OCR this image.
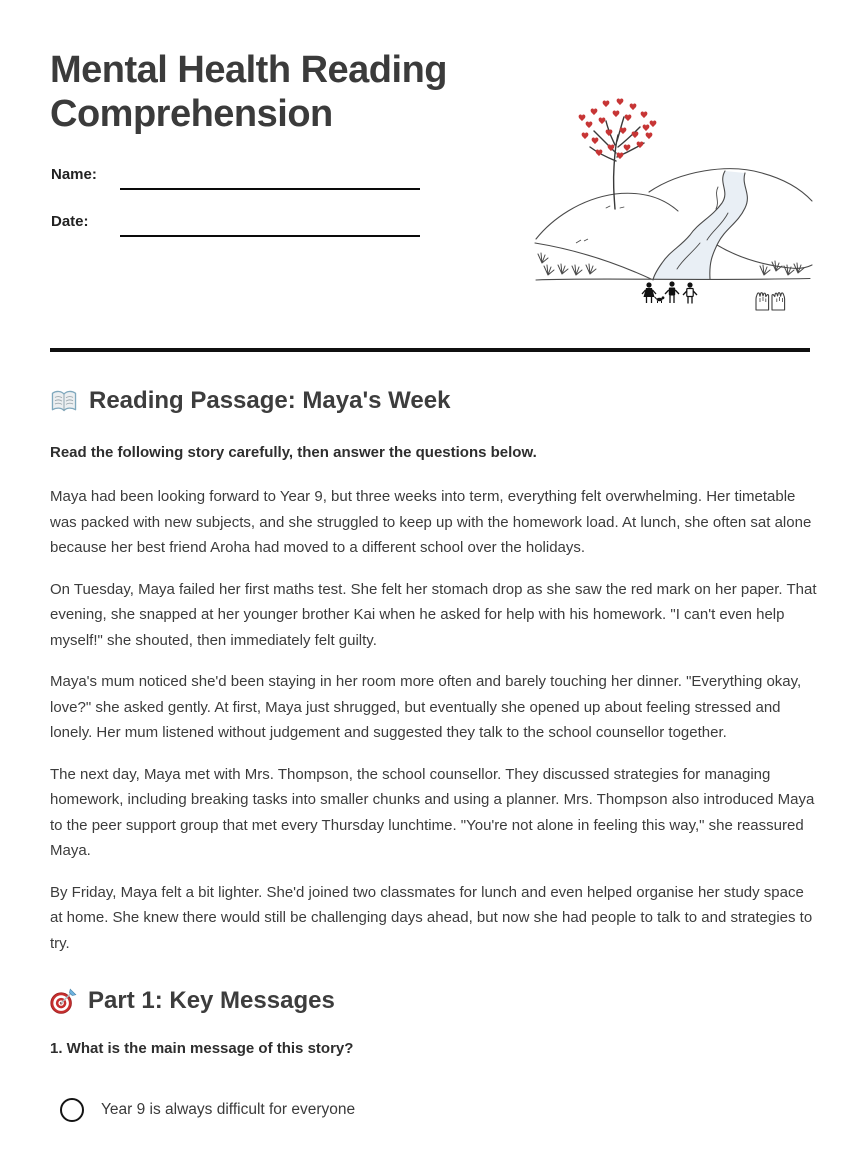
Mental Health Reading Comprehension
Name:
Date:
Reading Passage: Maya's Week

Read the following story carefully, then answer the questions below.

Maya had been looking forward to Year 9, but three weeks into term, everything felt overwhelming. Her timetable was packed with new subjects, and she struggled to keep up with the homework load. At lunch, she often sat alone because her best friend Aroha had moved to a different school over the holidays.

On Tuesday, Maya failed her first maths test. She felt her stomach drop as she saw the red mark on her paper. That evening, she snapped at her younger brother Kai when he asked for help with his homework. "I can't even help myself!" she shouted, then immediately felt guilty.

Maya's mum noticed she'd been staying in her room more often and barely touching her dinner. "Everything okay, love?" she asked gently. At first, Maya just shrugged, but eventually she opened up about feeling stressed and lonely. Her mum listened without judgement and suggested they talk to the school counsellor together.

The next day, Maya met with Mrs. Thompson, the school counsellor. They discussed strategies for managing homework, including breaking tasks into smaller chunks and using a planner. Mrs. Thompson also introduced Maya to the peer support group that met every Thursday lunchtime. "You're not alone in feeling this way," she reassured Maya.

By Friday, Maya felt a bit lighter. She'd joined two classmates for lunch and even helped organise her study space at home. She knew there would still be challenging days ahead, but now she had people to talk to and strategies to try.

Part 1: Key Messages

1. What is the main message of this story?

Year 9 is always difficult for everyone
